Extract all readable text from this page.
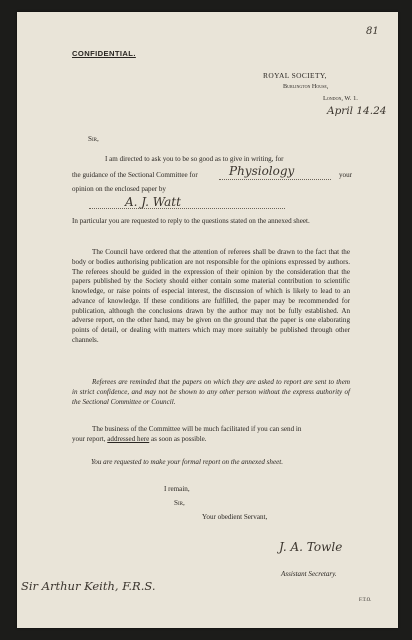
81
CONFIDENTIAL.
ROYAL SOCIETY,
Burlington House,
London, W. 1.
April 14.24
Sir,
I am directed to ask you to be so good as to give in writing, for
the guidance of the Sectional Committee for	Physiology	your
opinion on the enclosed paper by
A. J. Watt
In particular you are requested to reply to the questions stated on the annexed sheet.
The Council have ordered that the attention of referees shall be drawn to the fact that the body or bodies authorising publication are not responsible for the opinions expressed by authors. The referees should be guided in the expression of their opinion by the consideration that the papers published by the Society should either contain some material contribution to scientific knowledge, or raise points of especial interest, the discussion of which is likely to lead to an advance of knowledge. If these conditions are fulfilled, the paper may be recommended for publication, although the conclusions drawn by the author may not be fully established. An adverse report, on the other hand, may be given on the ground that the paper is one elaborating points of detail, or dealing with matters which may more suitably be published through other channels.
Referees are reminded that the papers on which they are asked to report are sent to them in strict confidence, and may not be shown to any other person without the express authority of the Sectional Committee or Council.
The business of the Committee will be much facilitated if you can send in
your report, addressed here as soon as possible.
You are requested to make your formal report on the annexed sheet.
I remain,
Sir,
Your obedient Servant,
J. A. Towle
Assistant Secretary.
Sir Arthur Keith, F.R.S.
F.T.O.
